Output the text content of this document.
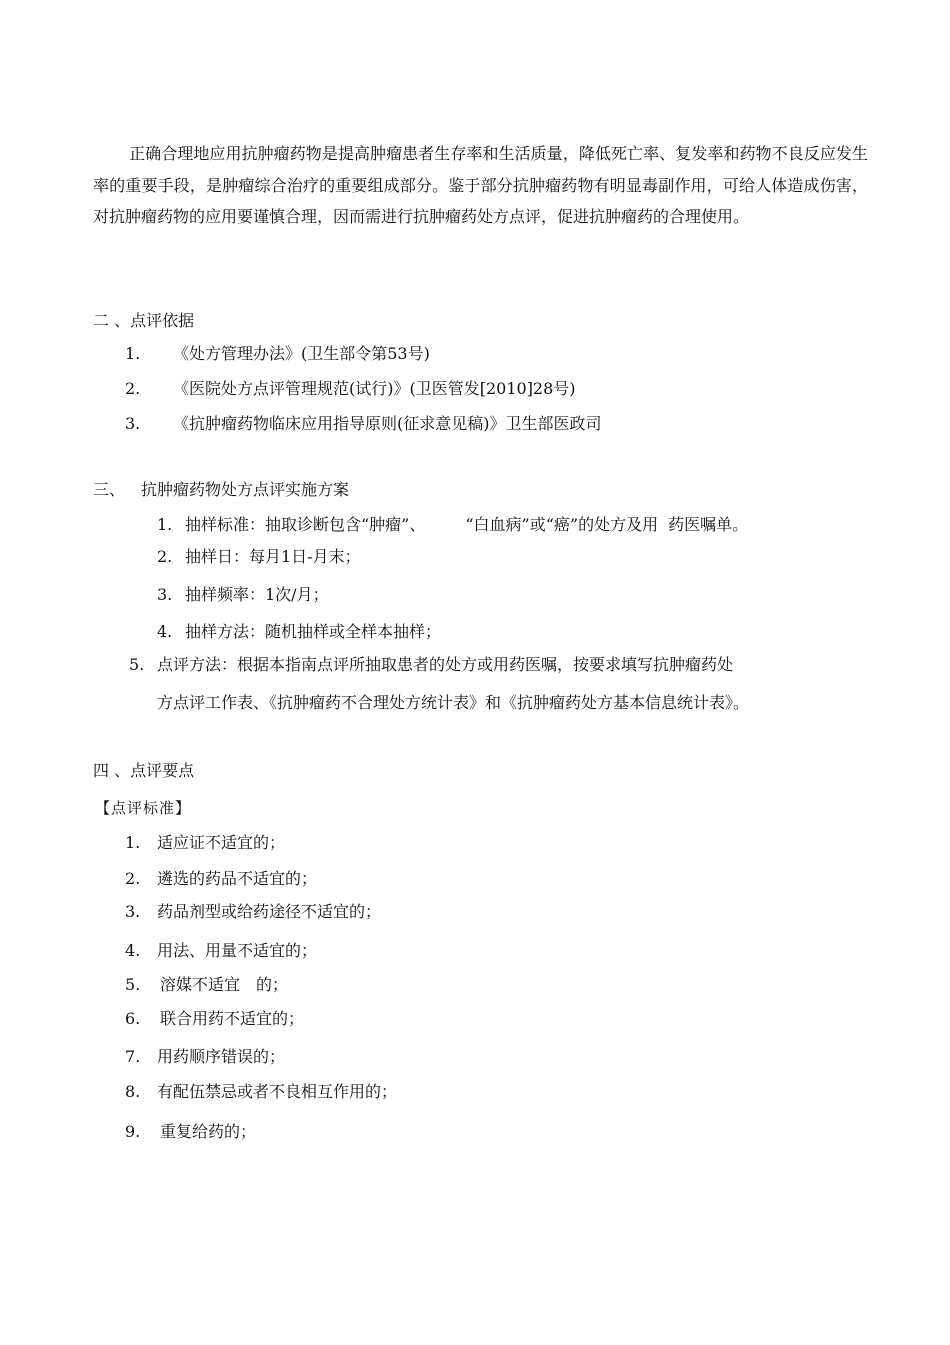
正确合理地应用抗肿瘤药物是提高肿瘤患者生存率和生活质量，降低死亡率、复发率和药物不良反应发生率的重要手段，是肿瘤综合治疗的重要组成部分。鉴于部分抗肿瘤药物有明显毒副作用，可给人体造成伤害，对抗肿瘤药物的应用要谨慎合理，因而需进行抗肿瘤药处方点评，促进抗肿瘤药的合理使用。

二 、点评依据

1. 《处方管理办法》(卫生部令第53号)

2. 《医院处方点评管理规范(试行)》(卫医管发[2010]28号)

3. 《抗肿瘤药物临床应用指导原则(征求意见稿)》卫生部医政司

三、 抗肿瘤药物处方点评实施方案

1. 抽样标准：抽取诊断包含“肿瘤”、	“白血病”或“癌”的处方及用 药医嘱单。

2. 抽样日：每月1日-月末；

3. 抽样频率：1次/月；

4. 抽样方法：随机抽样或全样本抽样；

5. 点评方法：根据本指南点评所抽取患者的处方或用药医嘱，按要求填写抗肿瘤药处

方点评工作表、《抗肿瘤药不合理处方统计表》和《抗肿瘤药处方基本信息统计表》。

四 、点评要点

【点评标准】

1. 适应证不适宜的；

2. 遴选的药品不适宜的；

3. 药品剂型或给药途径不适宜的；

4. 用法、用量不适宜的；

5. 溶媒不适宜　的；

6. 联合用药不适宜的；

7. 用药顺序错误的；

8. 有配伍禁忌或者不良相互作用的；

9. 重复给药的；
